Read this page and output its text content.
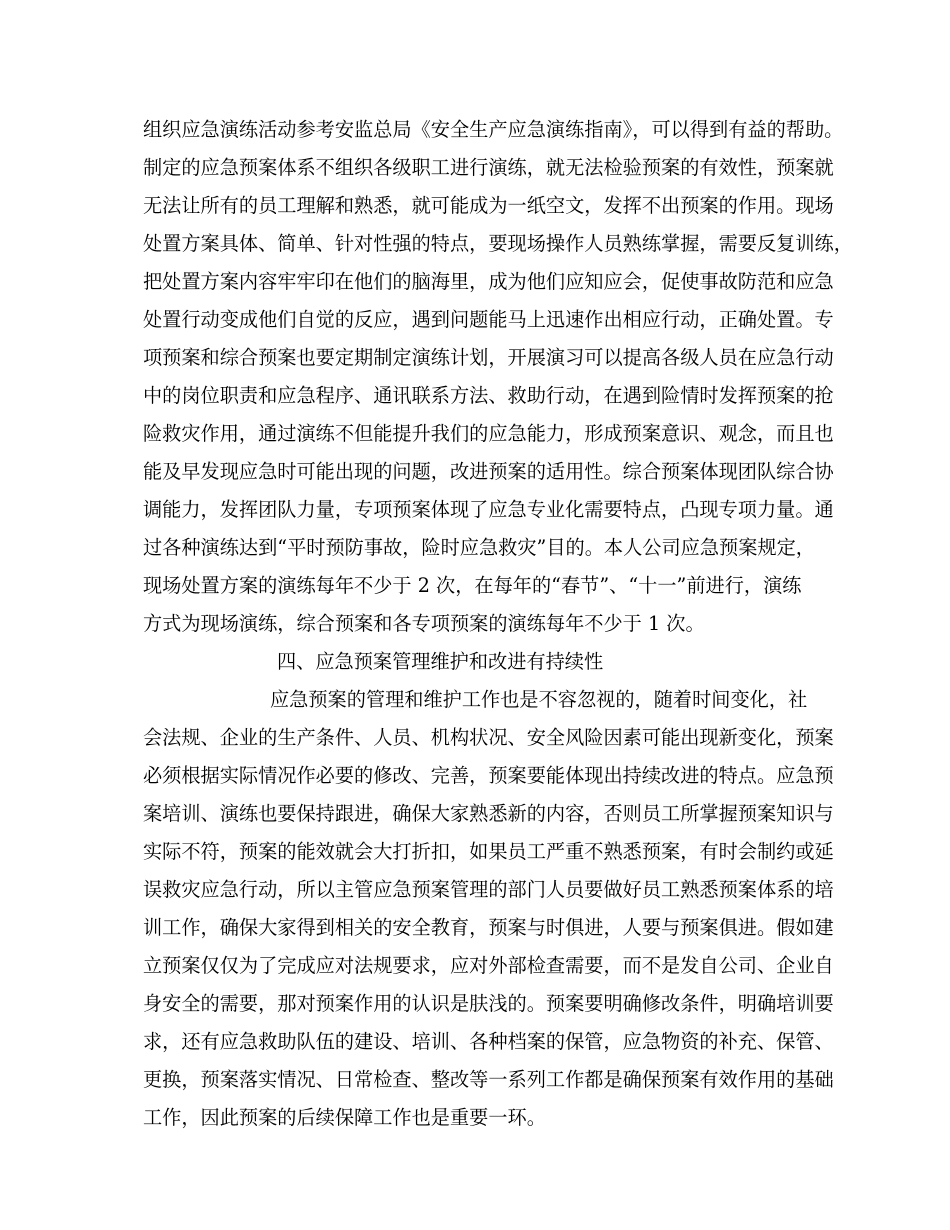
组织应急演练活动参考安监总局《安全生产应急演练指南》，可以得到有益的帮助。
制定的应急预案体系不组织各级职工进行演练，就无法检验预案的有效性，预案就
无法让所有的员工理解和熟悉，就可能成为一纸空文，发挥不出预案的作用。现场
处置方案具体、简单、针对性强的特点，要现场操作人员熟练掌握，需要反复训练，
把处置方案内容牢牢印在他们的脑海里，成为他们应知应会，促使事故防范和应急
处置行动变成他们自觉的反应，遇到问题能马上迅速作出相应行动，正确处置。专
项预案和综合预案也要定期制定演练计划，开展演习可以提高各级人员在应急行动
中的岗位职责和应急程序、通讯联系方法、救助行动，在遇到险情时发挥预案的抢
险救灾作用，通过演练不但能提升我们的应急能力，形成预案意识、观念，而且也
能及早发现应急时可能出现的问题，改进预案的适用性。综合预案体现团队综合协
调能力，发挥团队力量，专项预案体现了应急专业化需要特点，凸现专项力量。通
过各种演练达到“平时预防事故，险时应急救灾”目的。本人公司应急预案规定，
现场处置方案的演练每年不少于 2 次，在每年的“春节”、“十一”前进行，演练
方式为现场演练，综合预案和各专项预案的演练每年不少于 1 次。
四、应急预案管理维护和改进有持续性
应急预案的管理和维护工作也是不容忽视的，随着时间变化，社
会法规、企业的生产条件、人员、机构状况、安全风险因素可能出现新变化，预案
必须根据实际情况作必要的修改、完善，预案要能体现出持续改进的特点。应急预
案培训、演练也要保持跟进，确保大家熟悉新的内容，否则员工所掌握预案知识与
实际不符，预案的能效就会大打折扣，如果员工严重不熟悉预案，有时会制约或延
误救灾应急行动，所以主管应急预案管理的部门人员要做好员工熟悉预案体系的培
训工作，确保大家得到相关的安全教育，预案与时俱进，人要与预案俱进。假如建
立预案仅仅为了完成应对法规要求，应对外部检查需要，而不是发自公司、企业自
身安全的需要，那对预案作用的认识是肤浅的。预案要明确修改条件，明确培训要
求，还有应急救助队伍的建设、培训、各种档案的保管，应急物资的补充、保管、
更换，预案落实情况、日常检查、整改等一系列工作都是确保预案有效作用的基础
工作，因此预案的后续保障工作也是重要一环。
